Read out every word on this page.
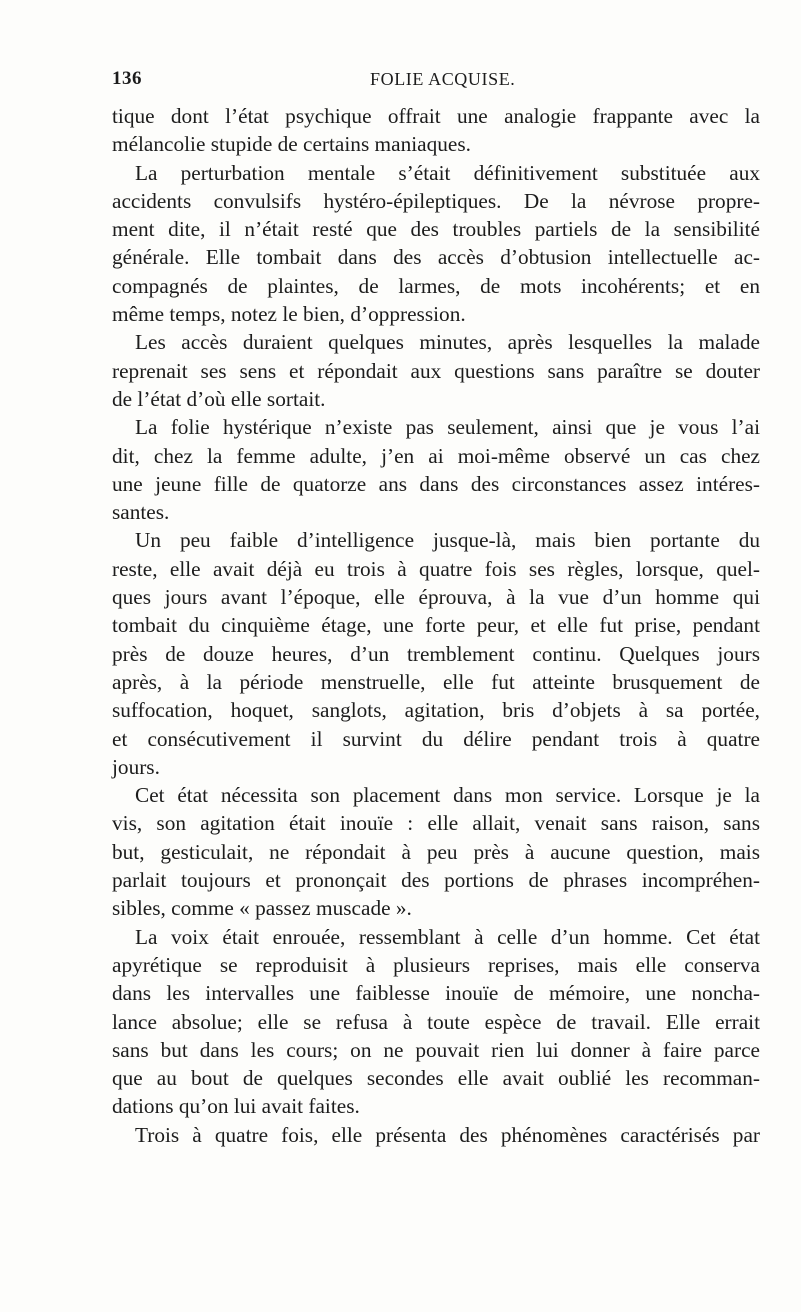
136	FOLIE ACQUISE.
tique dont l’état psychique offrait une analogie frappante avec la
mélancolie stupide de certains maniaques.
La perturbation mentale s’était définitivement substituée aux
accidents convulsifs hystéro-épileptiques. De la névrose propre-
ment dite, il n’était resté que des troubles partiels de la sensibilité
générale. Elle tombait dans des accès d’obtusion intellectuelle ac-
compagnés de plaintes, de larmes, de mots incohérents; et en
même temps, notez le bien, d’oppression.
Les accès duraient quelques minutes, après lesquelles la malade
reprenait ses sens et répondait aux questions sans paraître se douter
de l’état d’où elle sortait.
La folie hystérique n’existe pas seulement, ainsi que je vous l’ai
dit, chez la femme adulte, j’en ai moi-même observé un cas chez
une jeune fille de quatorze ans dans des circonstances assez intéres-
santes.
Un peu faible d’intelligence jusque-là, mais bien portante du
reste, elle avait déjà eu trois à quatre fois ses règles, lorsque, quel-
ques jours avant l’époque, elle éprouva, à la vue d’un homme qui
tombait du cinquième étage, une forte peur, et elle fut prise, pendant
près de douze heures, d’un tremblement continu. Quelques jours
après, à la période menstruelle, elle fut atteinte brusquement de
suffocation, hoquet, sanglots, agitation, bris d’objets à sa portée,
et consécutivement il survint du délire pendant trois à quatre
jours.
Cet état nécessita son placement dans mon service. Lorsque je la
vis, son agitation était inouïe : elle allait, venait sans raison, sans
but, gesticulait, ne répondait à peu près à aucune question, mais
parlait toujours et prononçait des portions de phrases incompréhen-
sibles, comme « passez muscade ».
La voix était enrouée, ressemblant à celle d’un homme. Cet état
apyrétique se reproduisit à plusieurs reprises, mais elle conserva
dans les intervalles une faiblesse inouïe de mémoire, une noncha-
lance absolue; elle se refusa à toute espèce de travail. Elle errait
sans but dans les cours; on ne pouvait rien lui donner à faire parce
que au bout de quelques secondes elle avait oublié les recomman-
dations qu’on lui avait faites.
Trois à quatre fois, elle présenta des phénomènes caractérisés par
